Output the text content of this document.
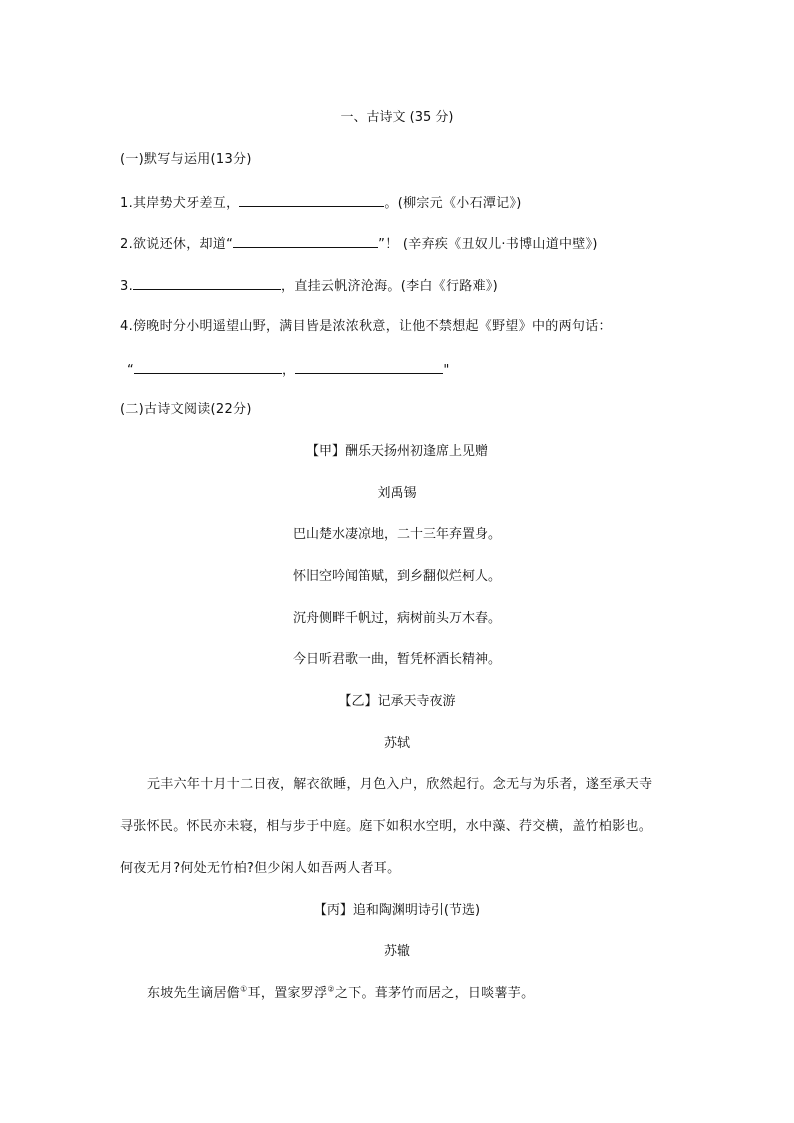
一、古诗文 (35 分)
(一)默写与运用(13分)
1.其岸势犬牙差互，	。(柳宗元《小石潭记》)
2.欲说还休，却道“	”！ (辛弃疾《丑奴儿·书博山道中壁》)
3.	，直挂云帆济沧海。(李白《行路难》)
4.傍晚时分小明遥望山野，满目皆是浓浓秋意，让他不禁想起《野望》中的两句话：
“	，	"
(二)古诗文阅读(22分)
【甲】酬乐天扬州初逢席上见赠
刘禹锡
巴山楚水凄凉地，二十三年弃置身。
怀旧空吟闻笛赋，到乡翻似烂柯人。
沉舟侧畔千帆过，病树前头万木春。
今日听君歌一曲，暂凭杯酒长精神。
【乙】记承天寺夜游
苏轼
元丰六年十月十二日夜，解衣欲睡，月色入户，欣然起行。念无与为乐者，遂至承天寺
寻张怀民。怀民亦未寝，相与步于中庭。庭下如积水空明，水中藻、荇交横，盖竹柏影也。
何夜无月?何处无竹柏?但少闲人如吾两人者耳。
【丙】追和陶渊明诗引(节选)
苏辙
东坡先生谪居儋①耳，置家罗浮②之下。葺茅竹而居之，日啖薯芋。
